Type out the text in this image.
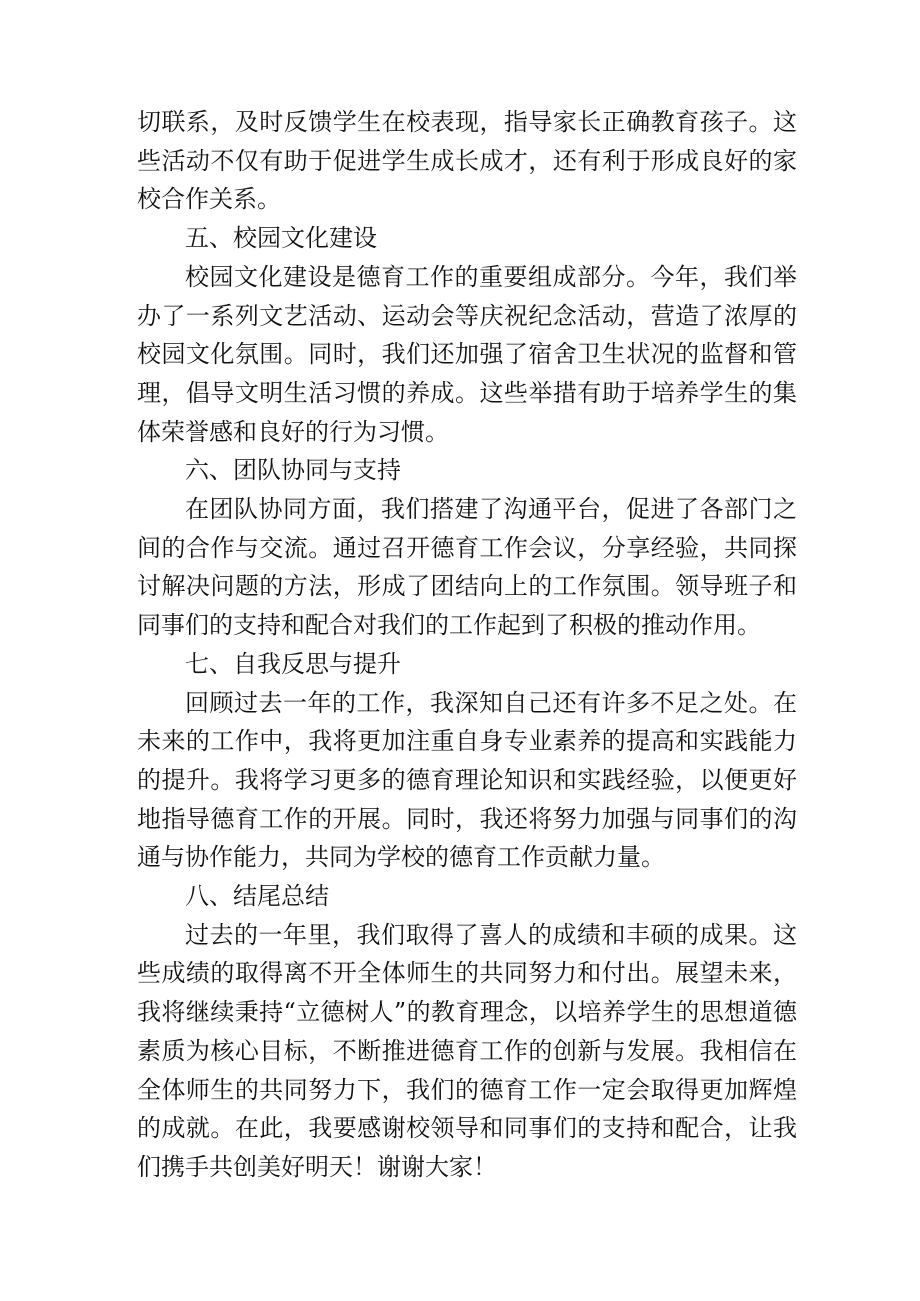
切联系，及时反馈学生在校表现，指导家长正确教育孩子。这些活动不仅有助于促进学生成长成才，还有利于形成良好的家校合作关系。

五、校园文化建设

校园文化建设是德育工作的重要组成部分。今年，我们举办了一系列文艺活动、运动会等庆祝纪念活动，营造了浓厚的校园文化氛围。同时，我们还加强了宿舍卫生状况的监督和管理，倡导文明生活习惯的养成。这些举措有助于培养学生的集体荣誉感和良好的行为习惯。

六、团队协同与支持

在团队协同方面，我们搭建了沟通平台，促进了各部门之间的合作与交流。通过召开德育工作会议，分享经验，共同探讨解决问题的方法，形成了团结向上的工作氛围。领导班子和同事们的支持和配合对我们的工作起到了积极的推动作用。

七、自我反思与提升

回顾过去一年的工作，我深知自己还有许多不足之处。在未来的工作中，我将更加注重自身专业素养的提高和实践能力的提升。我将学习更多的德育理论知识和实践经验，以便更好地指导德育工作的开展。同时，我还将努力加强与同事们的沟通与协作能力，共同为学校的德育工作贡献力量。

八、结尾总结

过去的一年里，我们取得了喜人的成绩和丰硕的成果。这些成绩的取得离不开全体师生的共同努力和付出。展望未来，我将继续秉持“立德树人”的教育理念，以培养学生的思想道德素质为核心目标，不断推进德育工作的创新与发展。我相信在全体师生的共同努力下，我们的德育工作一定会取得更加辉煌的成就。在此，我要感谢校领导和同事们的支持和配合，让我们携手共创美好明天！谢谢大家！
